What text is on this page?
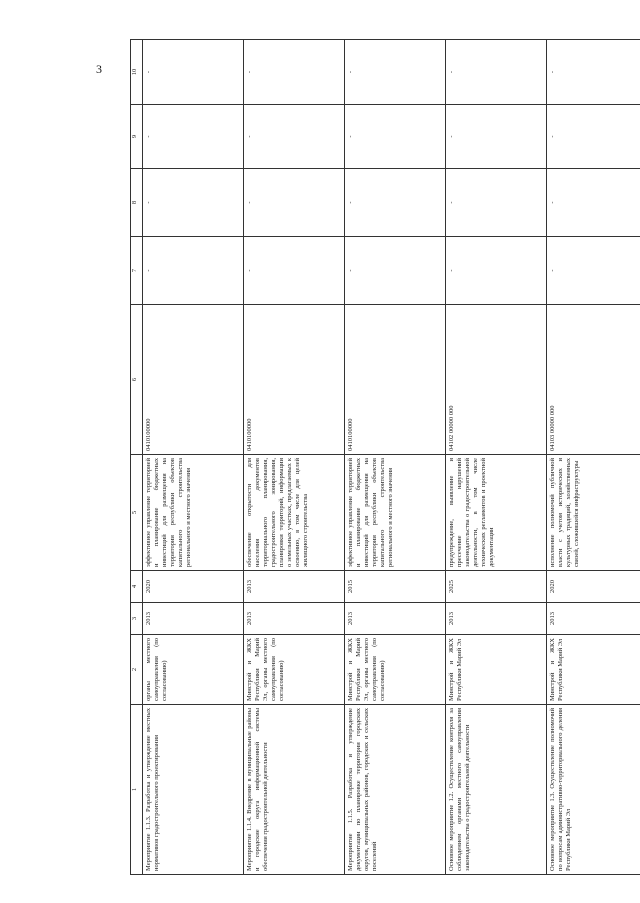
3
1	2	3	4	5	6	7	8	9	10
Мероприятие 1.1.3. Разработка и утверждение местных нормативов градостроительного проектирования	органы местного самоуправления (по согласованию)	2013	2020	эффективное управление территорией и планирование бюджетных инвестиций для размещения на территории республики объектов капитального строительства регионального и местного значения	0410100000	-	-	-	-
Мероприятие 1.1.4. Внедрение в муниципальные районы и городские округа информационной системы обеспечения градостроительной деятельности	Минстрой и ЖКХ Республики Марий Эл, органы местного самоуправления (по согласованию)	2013	2013	обеспечение открытости для населения документов территориального планирования, градостроительного зонирования, планировки территорий, информации о земельных участках, предлагаемых к освоению, в том числе для целей жилищного строительства	0410100000	-	-	-	-
Мероприятие 1.1.5. Разработка и утверждение документации по планировке территории городских округов, муниципальных районов, городских и сельских поселений	Минстрой и ЖКХ Республики Марий Эл, органы местного самоуправления (по согласованию)	2013	2015	эффективное управление территорией и планирование бюджетных инвестиций для размещения на территории республики объектов капитального строительства регионального и местного значения	0410100000	-	-	-	-
Основное мероприятие 1.2. Осуществление контроля за соблюдением органами местного самоуправления законодательства о градостроительной деятельности	Минстрой и ЖКХ Республики Марий Эл	2013	2025	предупреждение, выявление и пресечение нарушений законодательства о градостроительной деятельности, в том числе технических регламентов и проектной документации	04102 00000 000	-	-	-	-
Основное мероприятие 1.3. Осуществление полномочий по вопросам административно-территориального деления Республики Марий Эл	Минстрой и ЖКХ Республики Марий Эл	2013	2020	исполнение полномочий публичной власти с учетом исторических и культурных традиций, хозяйственных связей, сложившейся инфраструктуры	04103 00000 000	-	-	-	-
